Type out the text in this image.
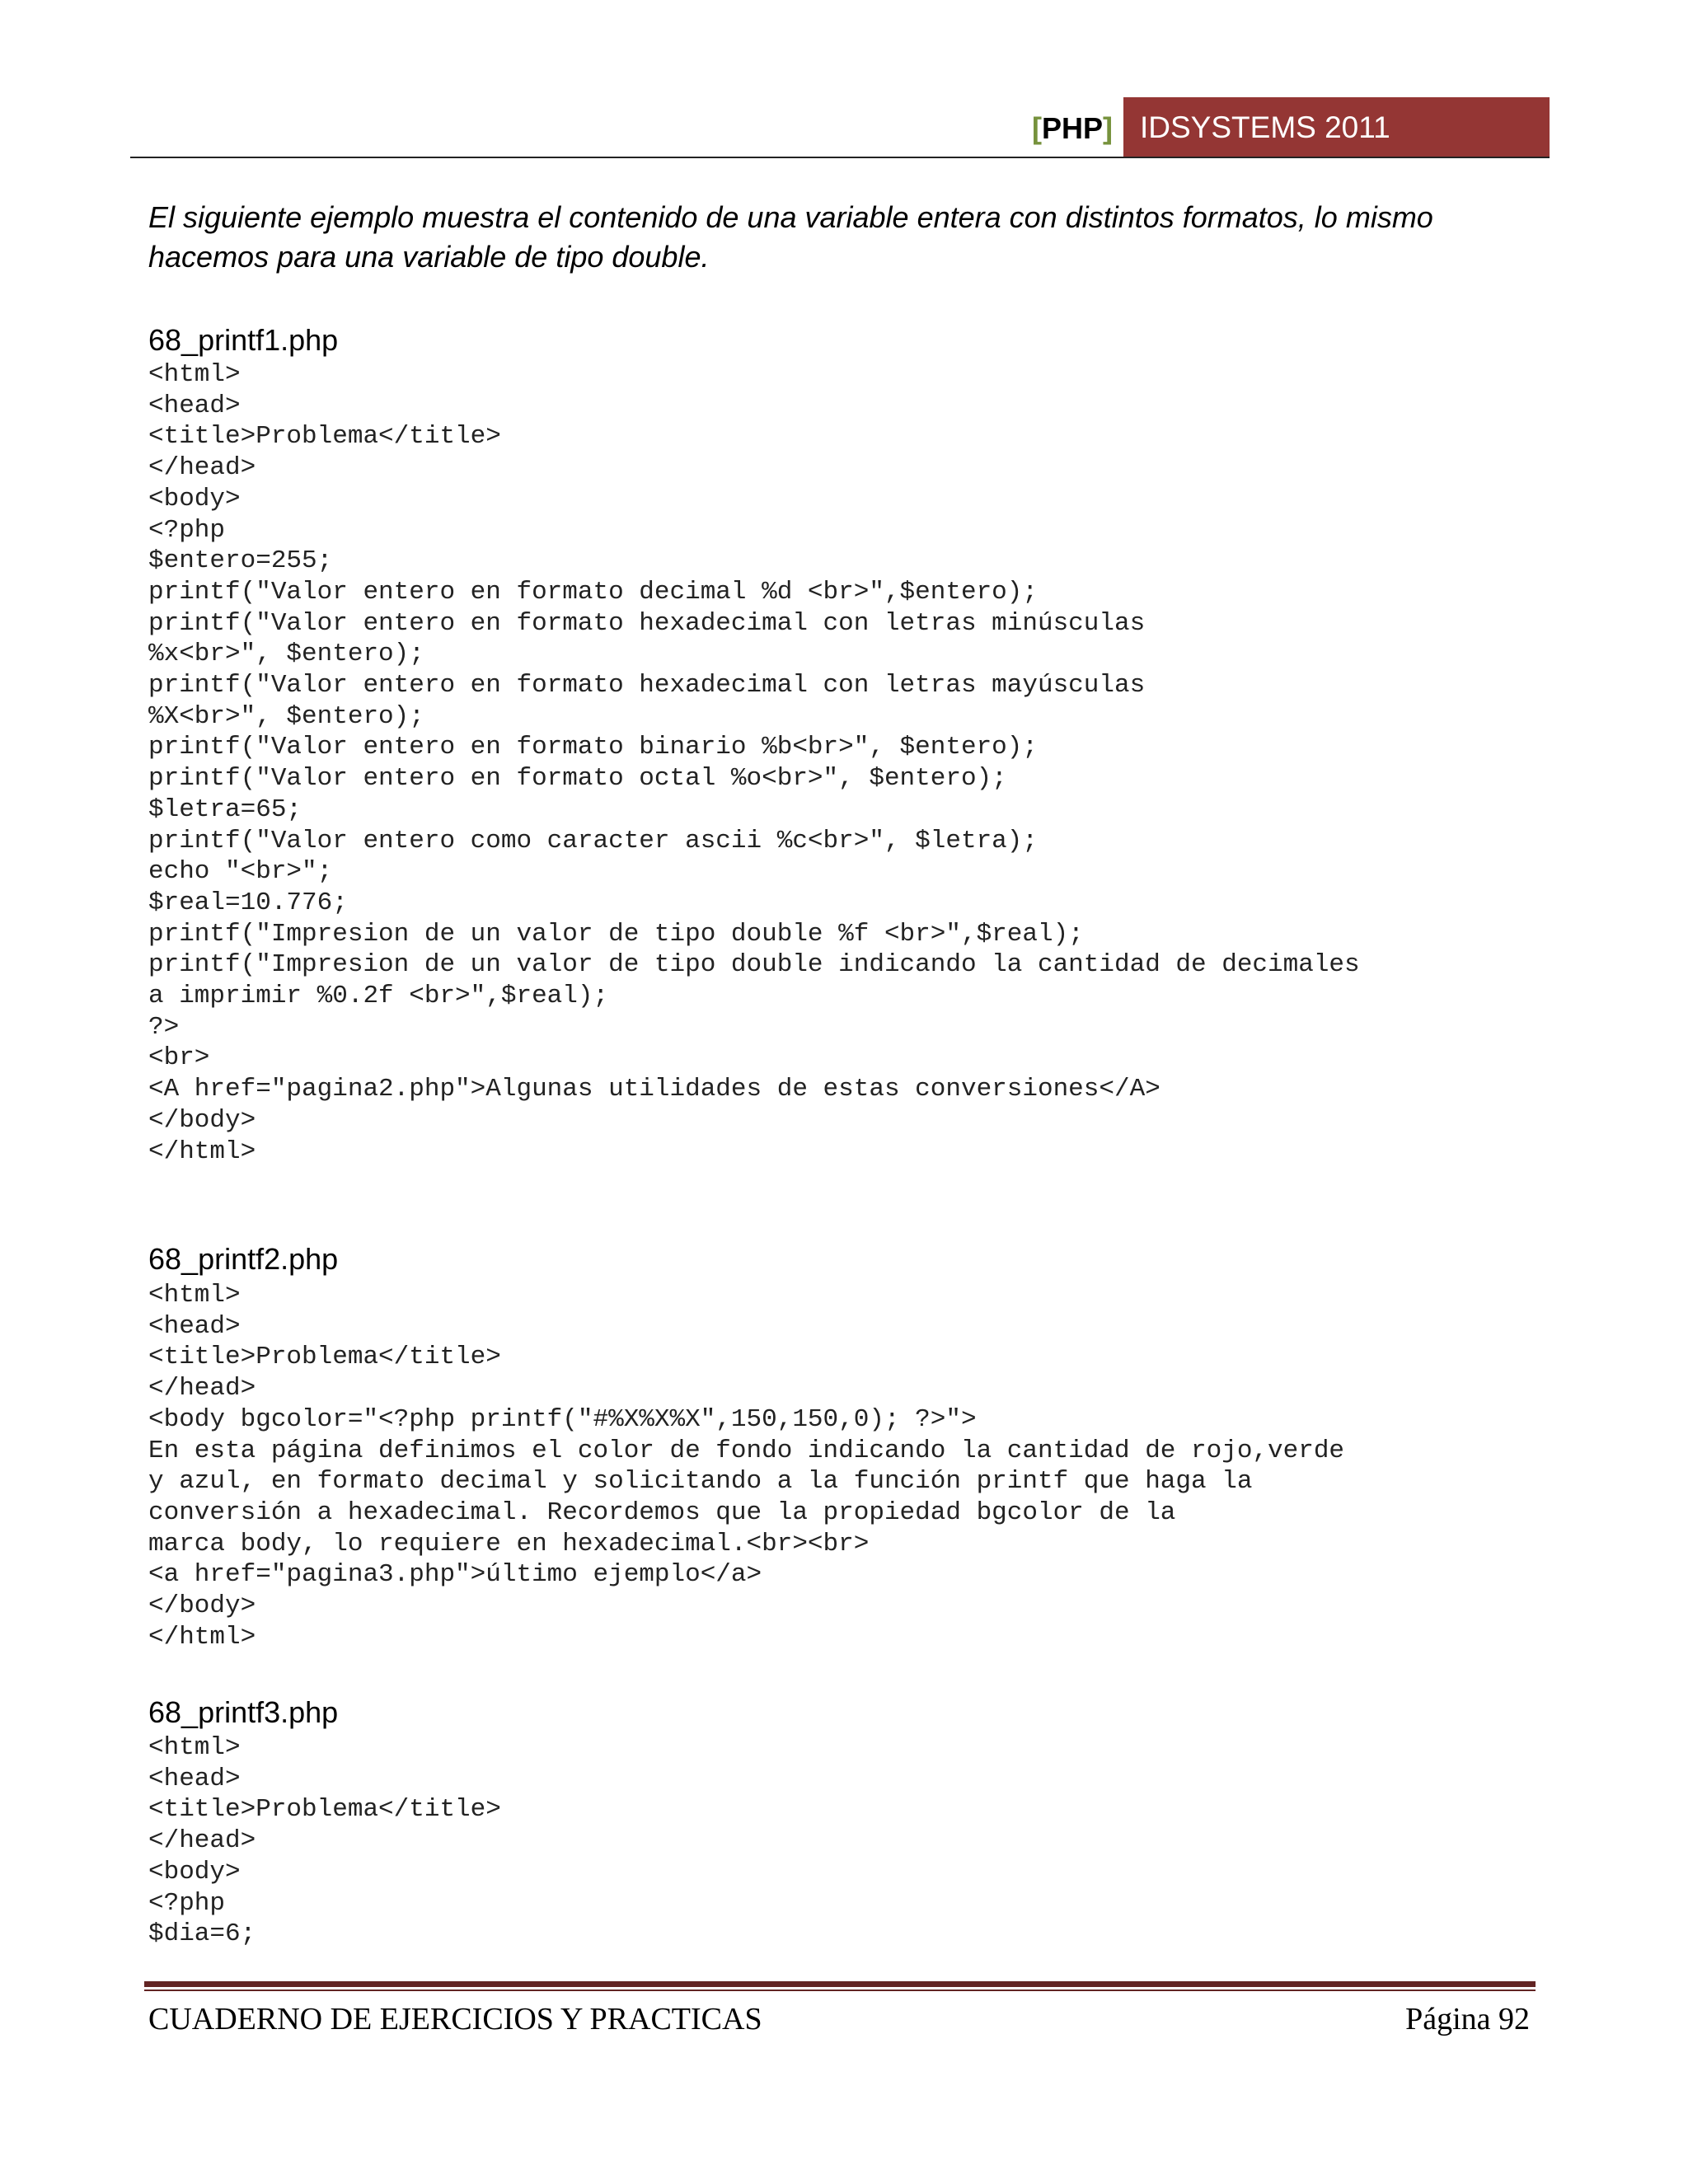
[PHP] IDSYSTEMS 2011

El siguiente ejemplo muestra el contenido de una variable entera con distintos formatos, lo mismo hacemos para una variable de tipo double.

68_printf1.php

<html>
<head>
<title>Problema</title>
</head>
<body>
<?php
$entero=255;
printf("Valor entero en formato decimal %d <br>",$entero);
printf("Valor entero en formato hexadecimal con letras minúsculas
%x<br>", $entero);
printf("Valor entero en formato hexadecimal con letras mayúsculas
%X<br>", $entero);
printf("Valor entero en formato binario %b<br>", $entero);
printf("Valor entero en formato octal %o<br>", $entero);
$letra=65;
printf("Valor entero como caracter ascii %c<br>", $letra);
echo "<br>";
$real=10.776;
printf("Impresion de un valor de tipo double %f <br>",$real);
printf("Impresion de un valor de tipo double indicando la cantidad de decimales
a imprimir %0.2f <br>",$real);
?>
<br>
<A href="pagina2.php">Algunas utilidades de estas conversiones</A>
</body>
</html>

68_printf2.php

<html>
<head>
<title>Problema</title>
</head>
<body bgcolor="<?php printf("#%X%X%X",150,150,0); ?>">
En esta página definimos el color de fondo indicando la cantidad de rojo,verde
y azul, en formato decimal y solicitando a la función printf que haga la
conversión a hexadecimal. Recordemos que la propiedad bgcolor de la
marca body, lo requiere en hexadecimal.<br><br>
<a href="pagina3.php">último ejemplo</a>
</body>
</html>

68_printf3.php

<html>
<head>
<title>Problema</title>
</head>
<body>
<?php
$dia=6;
CUADERNO DE EJERCICIOS Y PRACTICAS	Página 92
